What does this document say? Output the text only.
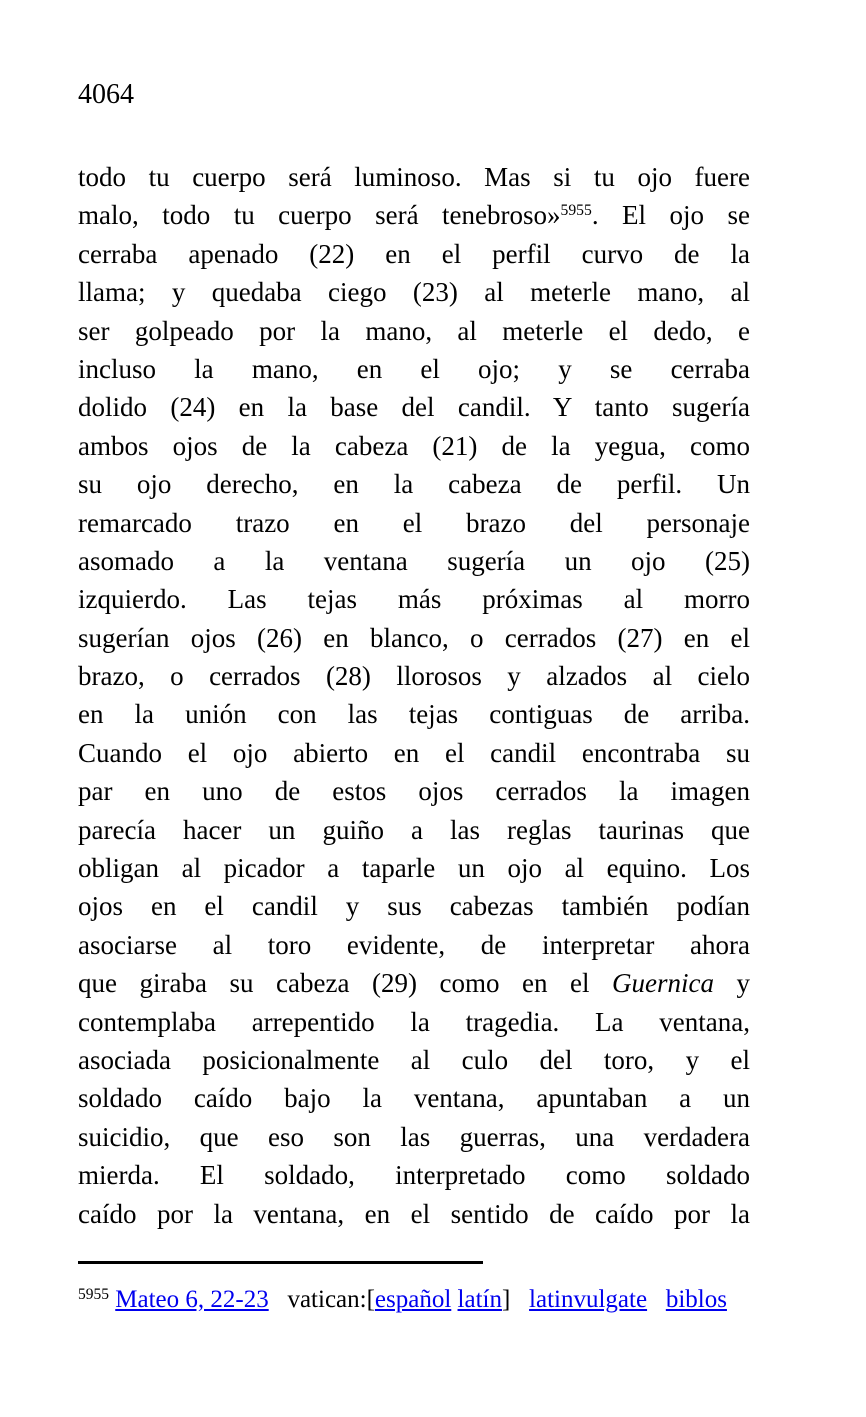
4064
todo tu cuerpo será luminoso. Mas si tu ojo fuere
malo, todo tu cuerpo será tenebroso»$^{5955}$. El ojo se
cerraba apenado (22) en el perfil curvo de la
llama; y quedaba ciego (23) al meterle mano, al
ser golpeado por la mano, al meterle el dedo, e
incluso la mano, en el ojo; y se cerraba
dolido (24) en la base del candil. Y tanto sugería
ambos ojos de la cabeza (21) de la yegua, como
su ojo derecho, en la cabeza de perfil. Un
remarcado trazo en el brazo del personaje
asomado a la ventana sugería un ojo (25)
izquierdo. Las tejas más próximas al morro
sugerían ojos (26) en blanco, o cerrados (27) en el
brazo, o cerrados (28) llorosos y alzados al cielo
en la unión con las tejas contiguas de arriba.
Cuando el ojo abierto en el candil encontraba su
par en uno de estos ojos cerrados la imagen
parecía hacer un guiño a las reglas taurinas que
obligan al picador a taparle un ojo al equino. Los
ojos en el candil y sus cabezas también podían
asociarse al toro evidente, de interpretar ahora
que giraba su cabeza (29) como en el Guernica y
contemplaba arrepentido la tragedia. La ventana,
asociada posicionalmente al culo del toro, y el
soldado caído bajo la ventana, apuntaban a un
suicidio, que eso son las guerras, una verdadera
mierda. El soldado, interpretado como soldado
caído por la ventana, en el sentido de caído por la
$^{5955}$ Mateo 6, 22-23   vatican:[español latín]   latinvulgate biblos
